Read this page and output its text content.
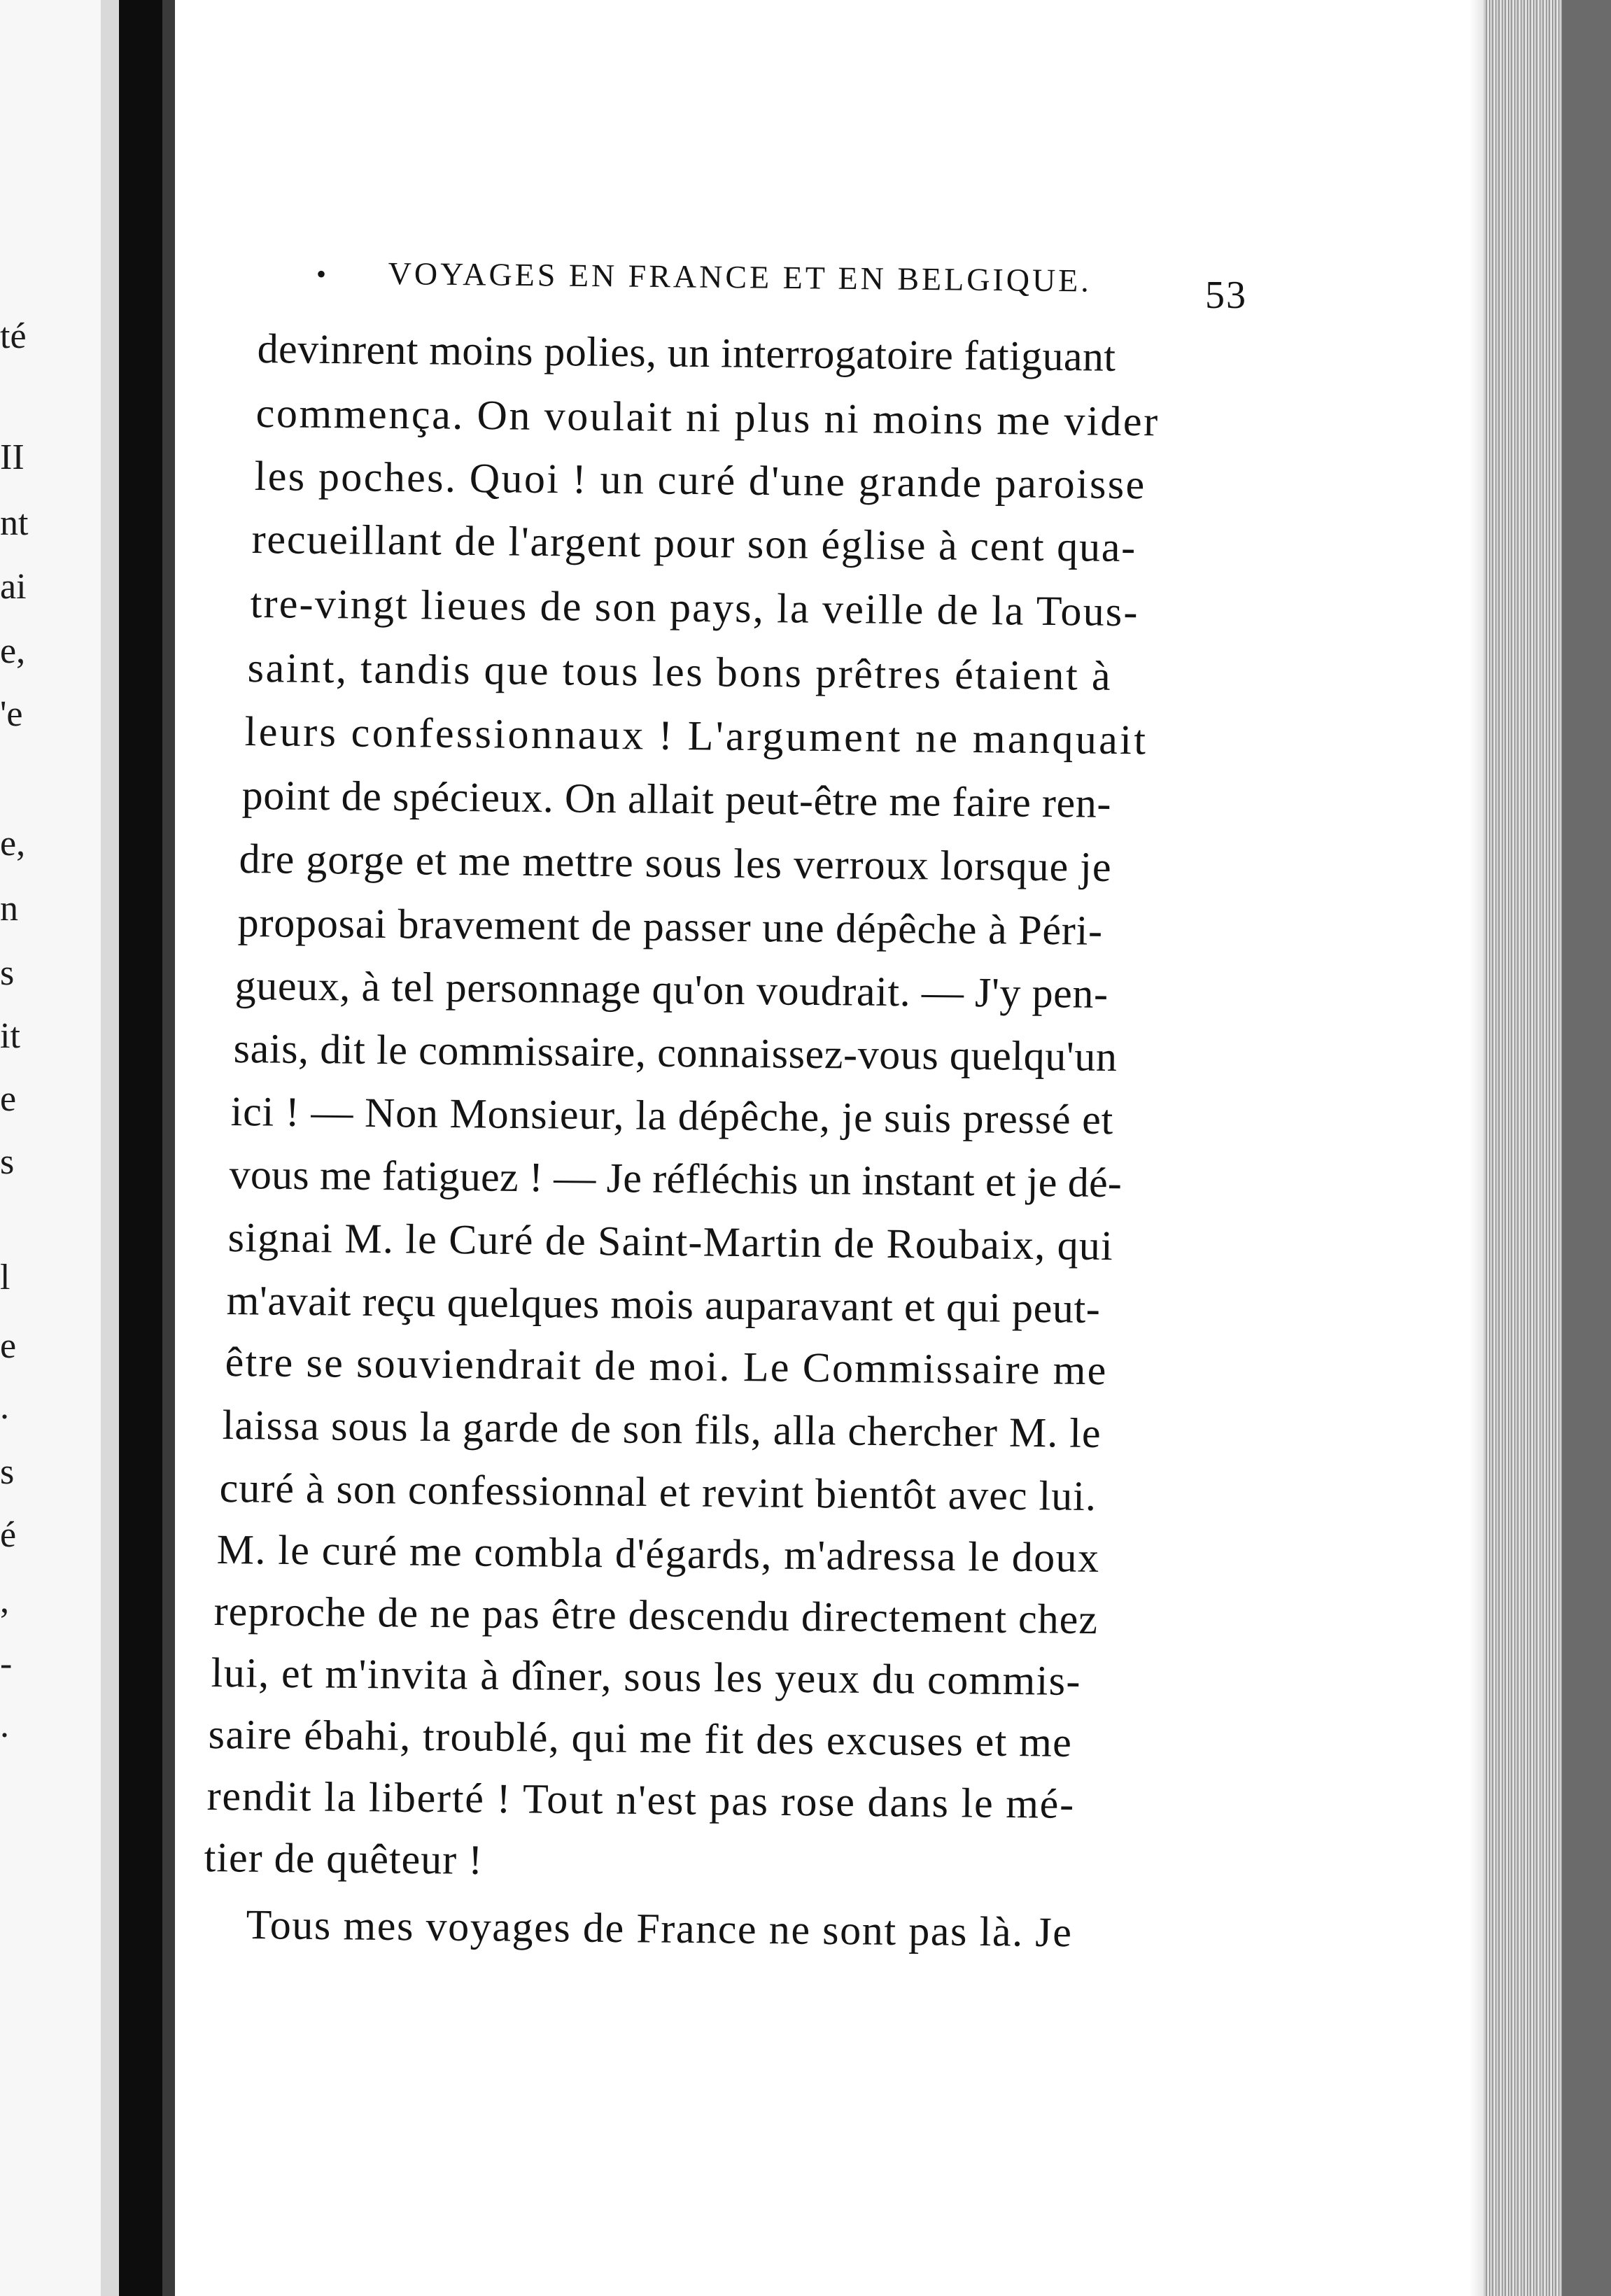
té
II
nt
ai
e,
'e
e,
n
s
it
e
s
l
e
.
s
é
,
-
.
• VOYAGES EN FRANCE ET EN BELGIQUE.	53
devinrent moins polies, un interrogatoire fatiguant
commença. On voulait ni plus ni moins me vider
les poches. Quoi ! un curé d'une grande paroisse
recueillant de l'argent pour son église à cent qua-
tre-vingt lieues de son pays, la veille de la Tous-
saint, tandis que tous les bons prêtres étaient à
leurs confessionnaux ! L'argument ne manquait
point de spécieux. On allait peut-être me faire ren-
dre gorge et me mettre sous les verroux lorsque je
proposai bravement de passer une dépêche à Péri-
gueux, à tel personnage qu'on voudrait. — J'y pen-
sais, dit le commissaire, connaissez-vous quelqu'un
ici ! — Non Monsieur, la dépêche, je suis pressé et
vous me fatiguez ! — Je réfléchis un instant et je dé-
signai M. le Curé de Saint-Martin de Roubaix, qui
m'avait reçu quelques mois auparavant et qui peut-
être se souviendrait de moi. Le Commissaire me
laissa sous la garde de son fils, alla chercher M. le
curé à son confessionnal et revint bientôt avec lui.
M. le curé me combla d'égards, m'adressa le doux
reproche de ne pas être descendu directement chez
lui, et m'invita à dîner, sous les yeux du commis-
saire ébahi, troublé, qui me fit des excuses et me
rendit la liberté ! Tout n'est pas rose dans le mé-
tier de quêteur !
Tous mes voyages de France ne sont pas là. Je
